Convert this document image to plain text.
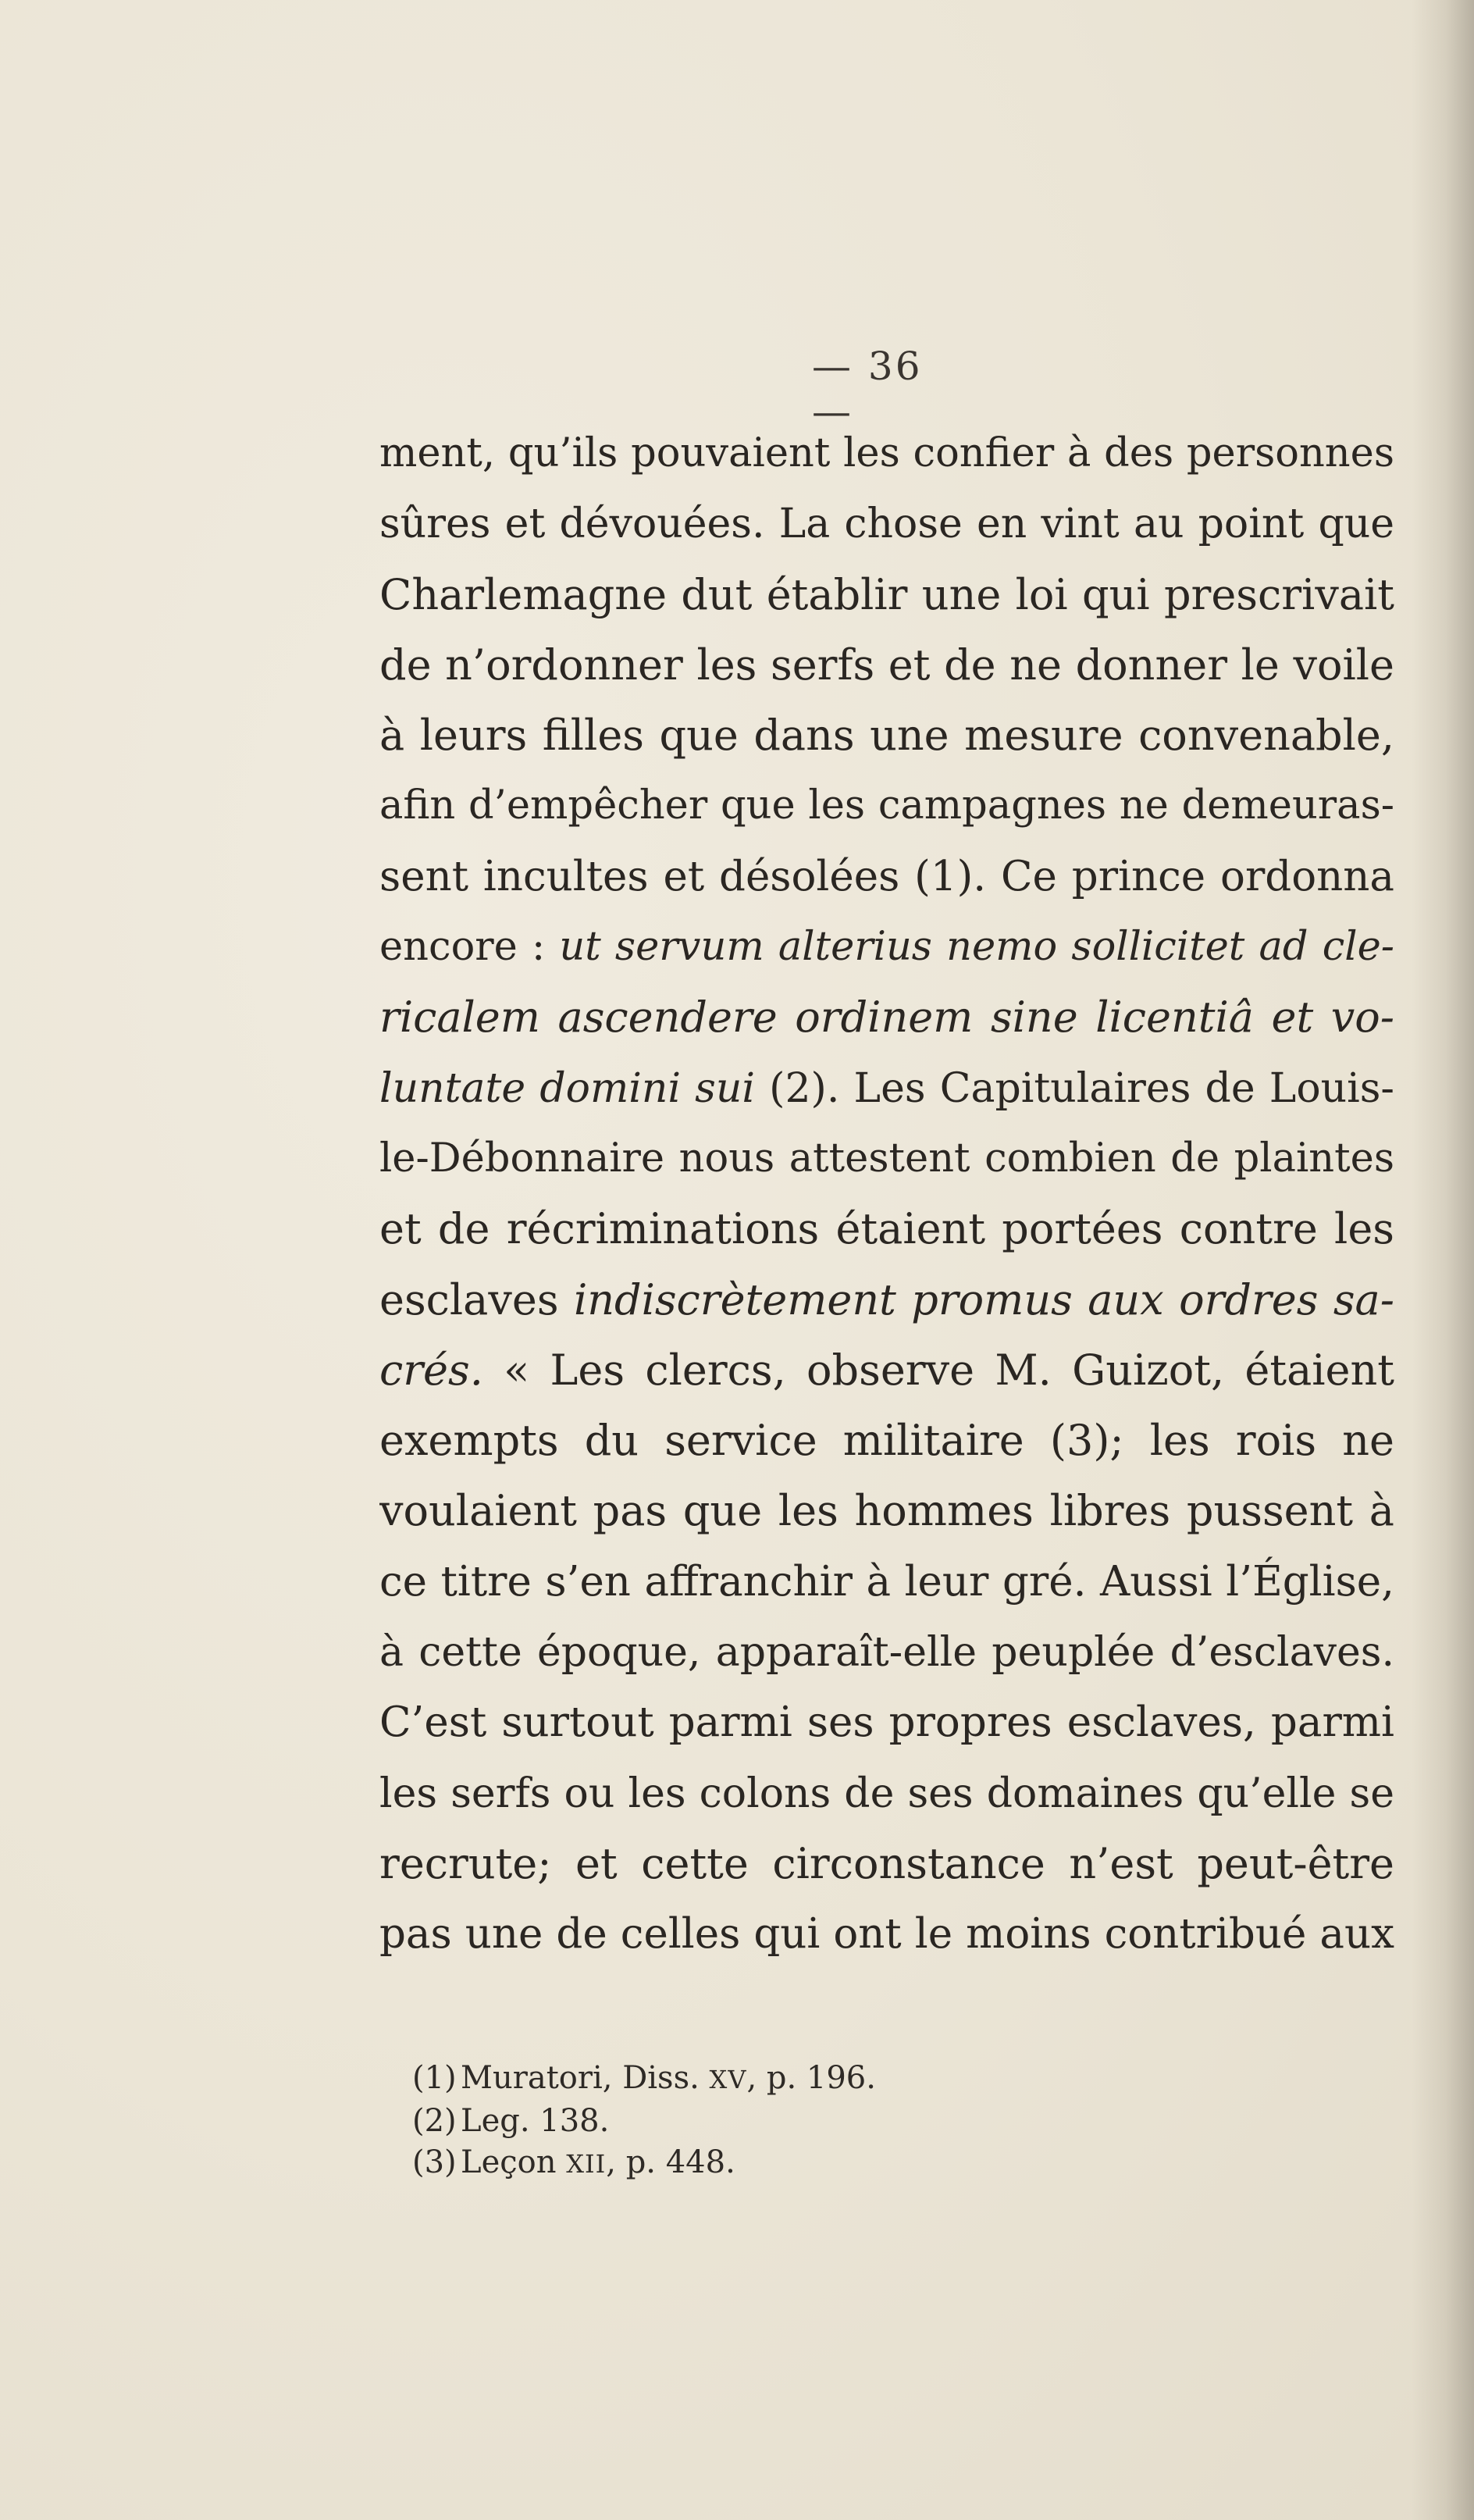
— 36 —
ment, qu’ils pouvaient les confier à des personnes
sûres et dévouées. La chose en vint au point que
Charlemagne dut établir une loi qui prescrivait
de n’ordonner les serfs et de ne donner le voile
à leurs filles que dans une mesure convenable,
afin d’empêcher que les campagnes ne demeuras-
sent incultes et désolées (1). Ce prince ordonna
encore : ut servum alterius nemo sollicitet ad cle-
ricalem ascendere ordinem sine licentiâ et vo-
luntate domini sui (2). Les Capitulaires de Louis-
le-Débonnaire nous attestent combien de plaintes
et de récriminations étaient portées contre les
esclaves indiscrètement promus aux ordres sa-
crés. « Les clercs, observe M. Guizot, étaient
exempts du service militaire (3); les rois ne
voulaient pas que les hommes libres pussent à
ce titre s’en affranchir à leur gré. Aussi l’Église,
à cette époque, apparaît-elle peuplée d’esclaves.
C’est surtout parmi ses propres esclaves, parmi
les serfs ou les colons de ses domaines qu’elle se
recrute; et cette circonstance n’est peut-être
pas une de celles qui ont le moins contribué aux
(1) Muratori, Diss. XV, p. 196.
(2) Leg. 138.
(3) Leçon XII, p. 448.
